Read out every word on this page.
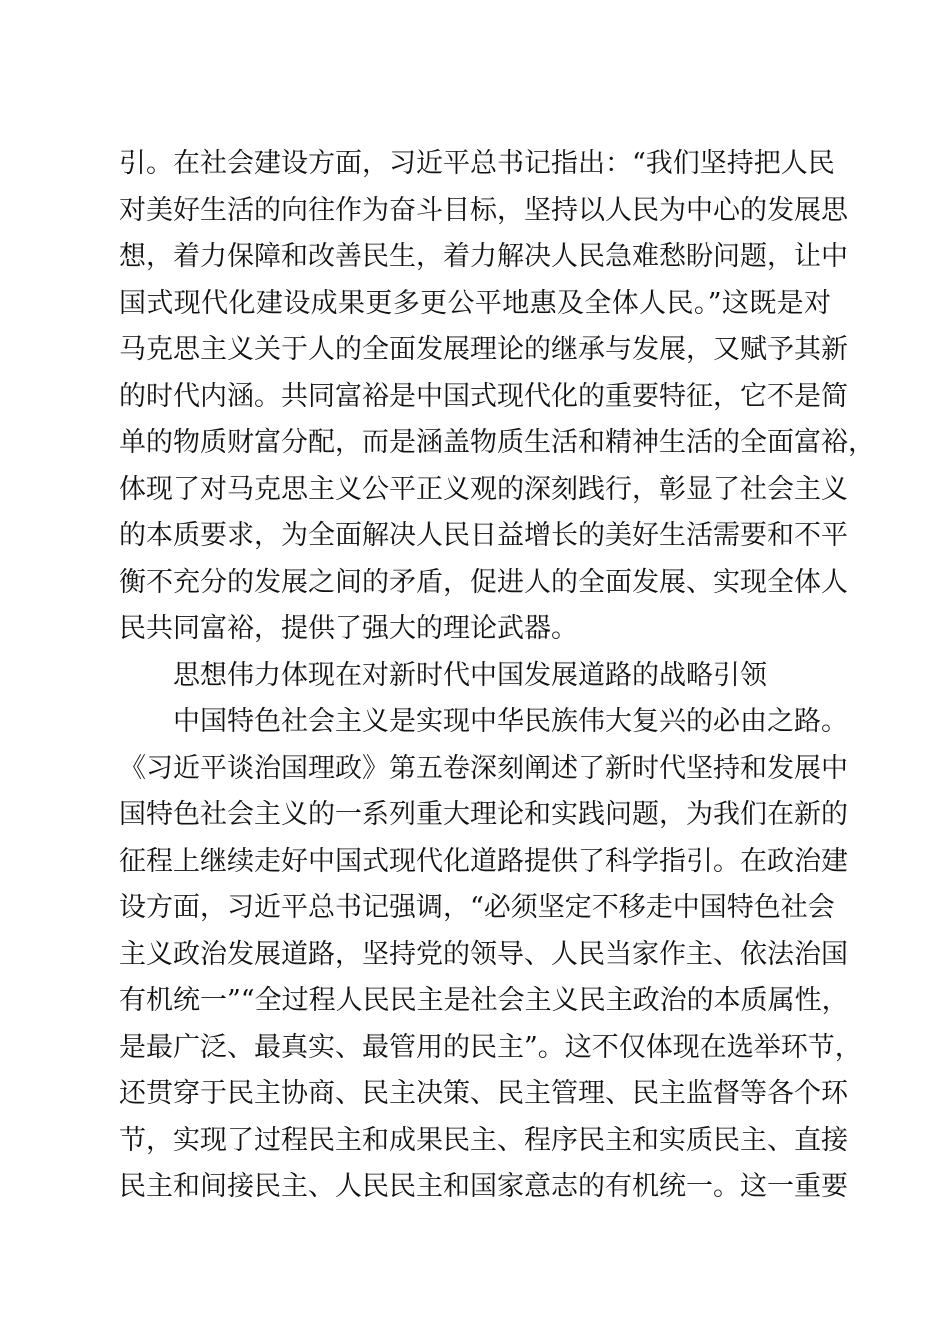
引。在社会建设方面，习近平总书记指出：“我们坚持把人民
对美好生活的向往作为奋斗目标，坚持以人民为中心的发展思
想，着力保障和改善民生，着力解决人民急难愁盼问题，让中
国式现代化建设成果更多更公平地惠及全体人民。”这既是对
马克思主义关于人的全面发展理论的继承与发展，又赋予其新
的时代内涵。共同富裕是中国式现代化的重要特征，它不是简
单的物质财富分配，而是涵盖物质生活和精神生活的全面富裕，
体现了对马克思主义公平正义观的深刻践行，彰显了社会主义
的本质要求，为全面解决人民日益增长的美好生活需要和不平
衡不充分的发展之间的矛盾，促进人的全面发展、实现全体人
民共同富裕，提供了强大的理论武器。
思想伟力体现在对新时代中国发展道路的战略引领
中国特色社会主义是实现中华民族伟大复兴的必由之路。
《习近平谈治国理政》第五卷深刻阐述了新时代坚持和发展中
国特色社会主义的一系列重大理论和实践问题，为我们在新的
征程上继续走好中国式现代化道路提供了科学指引。在政治建
设方面，习近平总书记强调，“必须坚定不移走中国特色社会
主义政治发展道路，坚持党的领导、人民当家作主、依法治国
有机统一”“全过程人民民主是社会主义民主政治的本质属性，
是最广泛、最真实、最管用的民主”。这不仅体现在选举环节，
还贯穿于民主协商、民主决策、民主管理、民主监督等各个环
节，实现了过程民主和成果民主、程序民主和实质民主、直接
民主和间接民主、人民民主和国家意志的有机统一。这一重要
